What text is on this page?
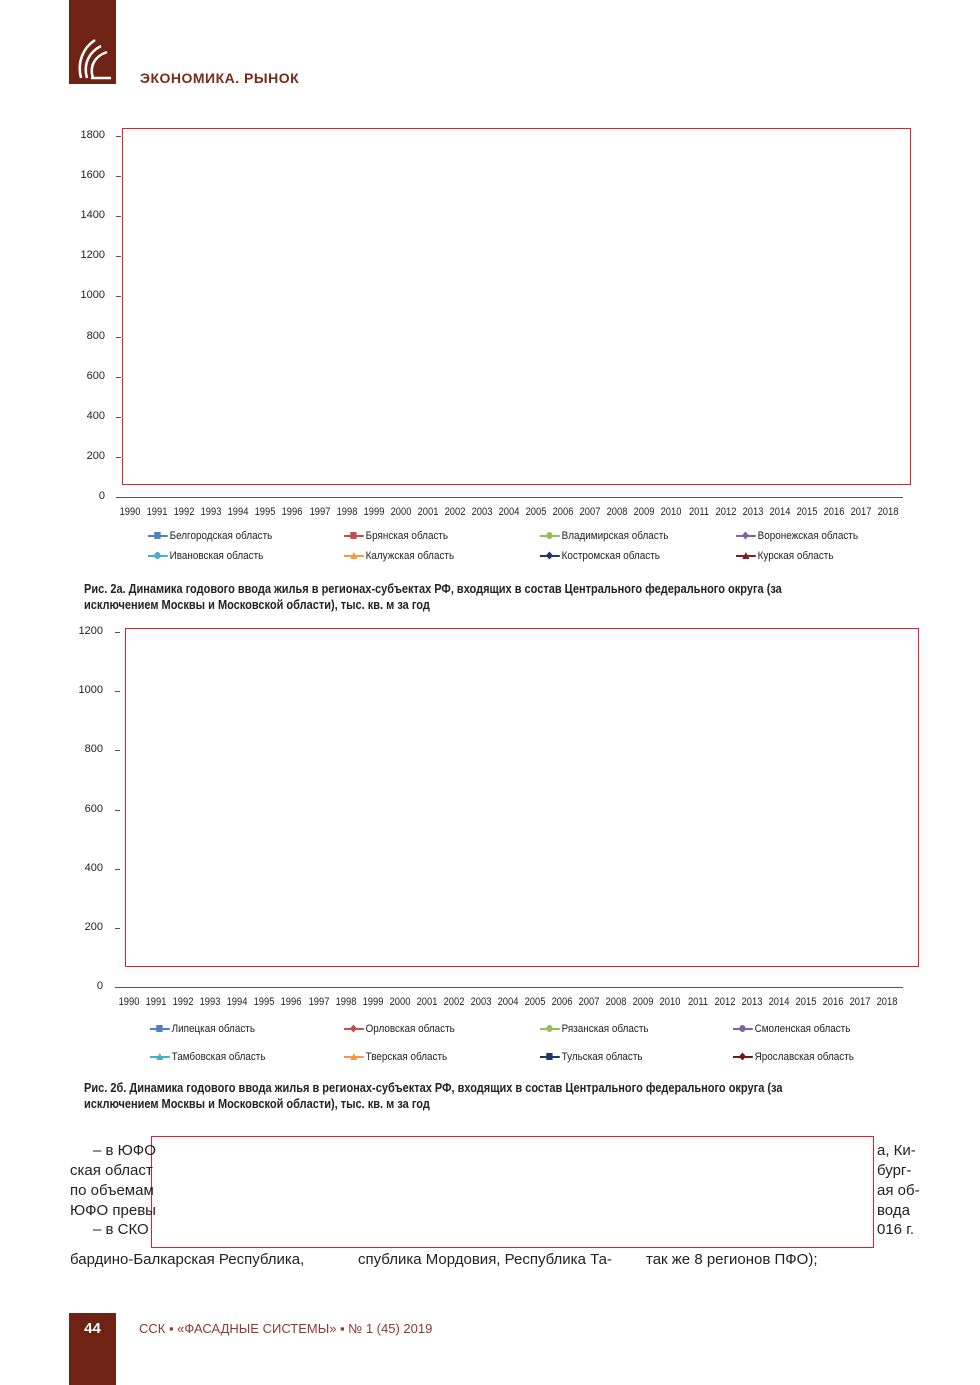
ЭКОНОМИКА. РЫНОК
0
200
400
600
800
1000
1200
1400
1600
1800
1990 1991 1992 1993 1994 1995 1996 1997 1998 1999 2000 2001 2002 2003 2004 2005 2006 2007 2008 2009 2010 2011 2012 2013 2014 2015 2016 2017 2018
Белгородская область	Брянская область	Владимирская область	Воронежская область
Ивановская область	Калужская область	Костромская область	Курская область
Рис. 2а. Динамика годового ввода жилья в регионах-субъектах РФ, входящих в состав Центрального федерального округа (за исключением Москвы и Московской области), тыс. кв. м за год
0
200
400
600
800
1000
1200
1990 1991 1992 1993 1994 1995 1996 1997 1998 1999 2000 2001 2002 2003 2004 2005 2006 2007 2008 2009 2010 2011 2012 2013 2014 2015 2016 2017 2018
Липецкая область	Орловская область	Рязанская область	Смоленская область
Тамбовская область	Тверская область	Тульская область	Ярославская область
Рис. 2б. Динамика годового ввода жилья в регионах-субъектах РФ, входящих в состав Центрального федерального округа (за исключением Москвы и Московской области), тыс. кв. м за год
– в ЮФО	а, Ки-
ская област	бург-
по объемам	ая об-
ЮФО превы	вода
– в СКО	016 г.
бардино-Балкарская Республика,	спублика Мордовия, Республика Та- так же 8 регионов ПФО);
44	ССК ▪ «ФАСАДНЫЕ СИСТЕМЫ» ▪ № 1 (45) 2019
